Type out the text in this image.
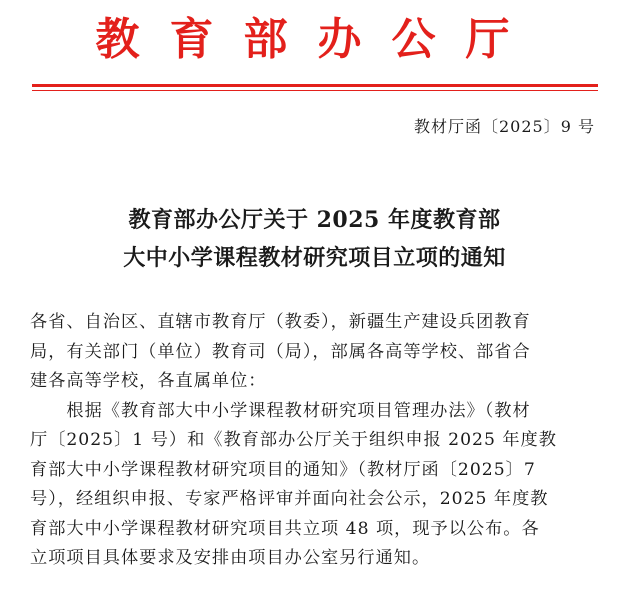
教育部办公厅
教材厅函〔2025〕9 号
教育部办公厅关于 2025 年度教育部
大中小学课程教材研究项目立项的通知
各省、自治区、直辖市教育厅（教委），新疆生产建设兵团教育
局，有关部门（单位）教育司（局），部属各高等学校、部省合
建各高等学校，各直属单位：
　　根据《教育部大中小学课程教材研究项目管理办法》（教材
厅〔2025〕1 号）和《教育部办公厅关于组织申报 2025 年度教
育部大中小学课程教材研究项目的通知》（教材厅函〔2025〕7
号），经组织申报、专家严格评审并面向社会公示，2025 年度教
育部大中小学课程教材研究项目共立项 48 项，现予以公布。各
立项项目具体要求及安排由项目办公室另行通知。
